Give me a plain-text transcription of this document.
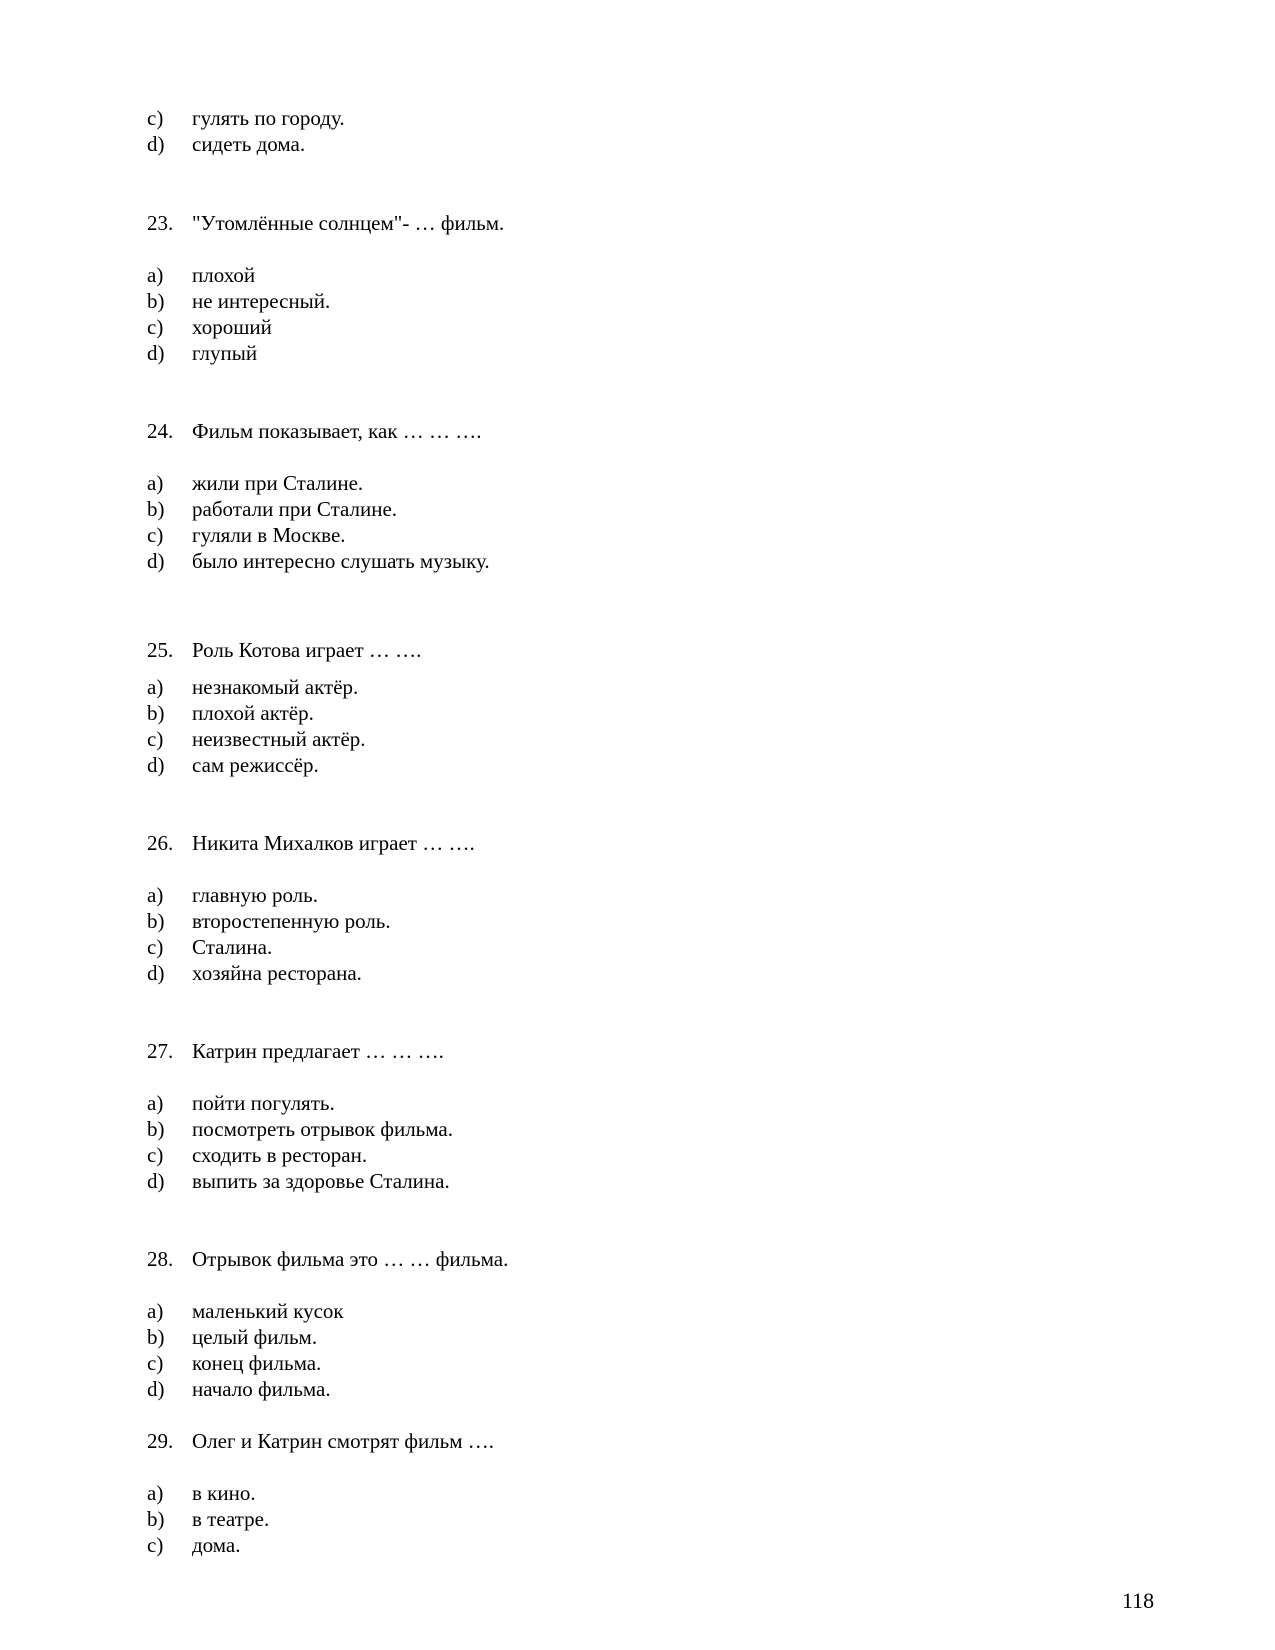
c) гулять по городу.
d) сидеть дома.
23. "Утомлённые солнцем"- … фильм.
a) плохой
b) не интересный.
c) хороший
d) глупый
24. Фильм показывает, как … … ….
a) жили при Сталине.
b) работали при Сталине.
c) гуляли в Москве.
d) было интересно слушать музыку.
25. Роль Котова играет … ….
a) незнакомый актёр.
b) плохой актёр.
c) неизвестный актёр.
d) сам режиссёр.
26. Никита Михалков играет … ….
a) главную роль.
b) второстепенную роль.
c) Сталина.
d) хозяйна ресторана.
27. Катрин предлагает … … ….
a) пойти погулять.
b) посмотреть отрывок фильма.
c) сходить в ресторан.
d) выпить за здоровье Сталина.
28. Отрывок фильма это … … фильма.
a) маленький кусок
b) целый фильм.
c) конец фильма.
d) начало фильма.
29. Олег и Катрин смотрят фильм ….
a) в кино.
b) в театре.
c) дома.
118
